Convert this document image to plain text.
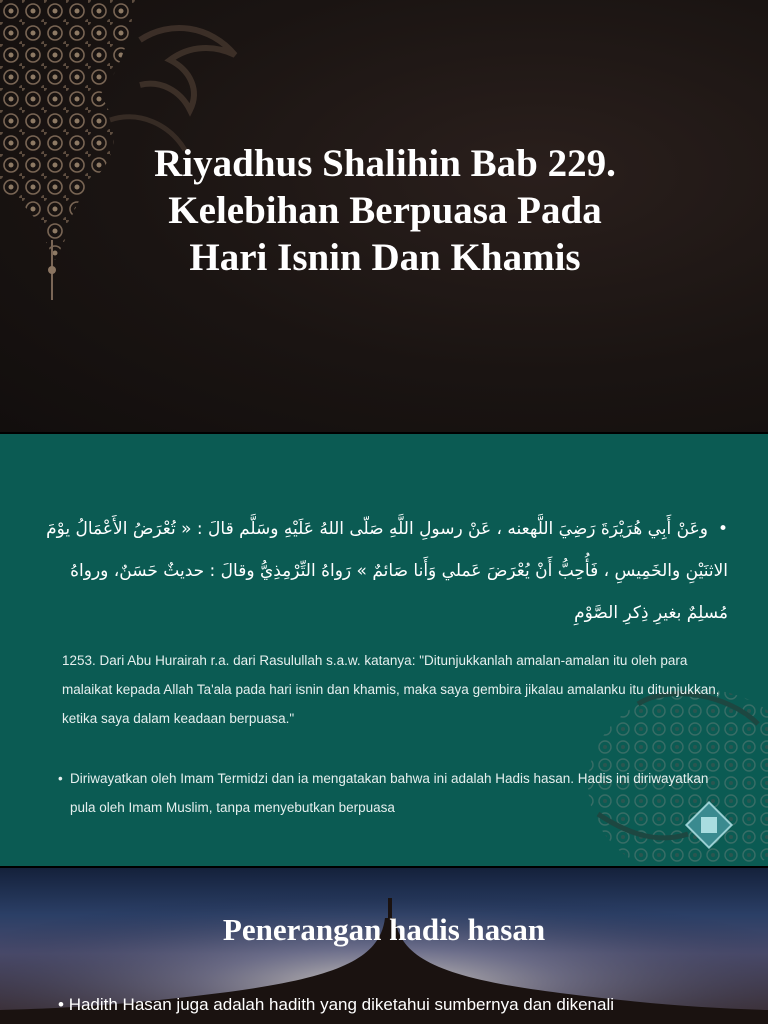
Riyadhus Shalihin Bab 229.
Kelebihan Berpuasa Pada
Hari Isnin Dan Khamis
•وعَنْ أَبِي هُرَيْرَةَ رَضِيَ اللَّهعنه ، عَنْ رسولِ اللَّهِ صَلّى اللهُ عَلَيْهِ وسَلَّم قالَ : « تُعْرَضُ الأَعْمَالُ يوْمَ
الاثنَيْنِ والخَمِيسِ ، فَأُحِبُّ أَنْ يُعْرَضَ عَملي وَأَنا صَائمٌ » رَواهُ التِّرْمِذِيُّ وقالَ : حديثٌ حَسَنٌ، ورواهُ
مُسلِمٌ بغيرِ ذِكرِ الصَّوْمِ
1253. Dari Abu Hurairah r.a. dari Rasulullah s.a.w. katanya: "Ditunjukkanlah amalan-amalan itu oleh para malaikat kepada Allah Ta'ala pada hari isnin dan khamis, maka saya gembira jikalau amalanku itu ditunjukkan, ketika saya dalam keadaan berpuasa."
• Diriwayatkan oleh Imam Termidzi dan ia mengatakan bahwa ini adalah Hadis hasan. Hadis ini diriwayatkan pula oleh Imam Muslim, tanpa menyebutkan berpuasa
Penerangan hadis hasan
• Hadith Hasan juga adalah hadith yang diketahui sumbernya dan dikenali
